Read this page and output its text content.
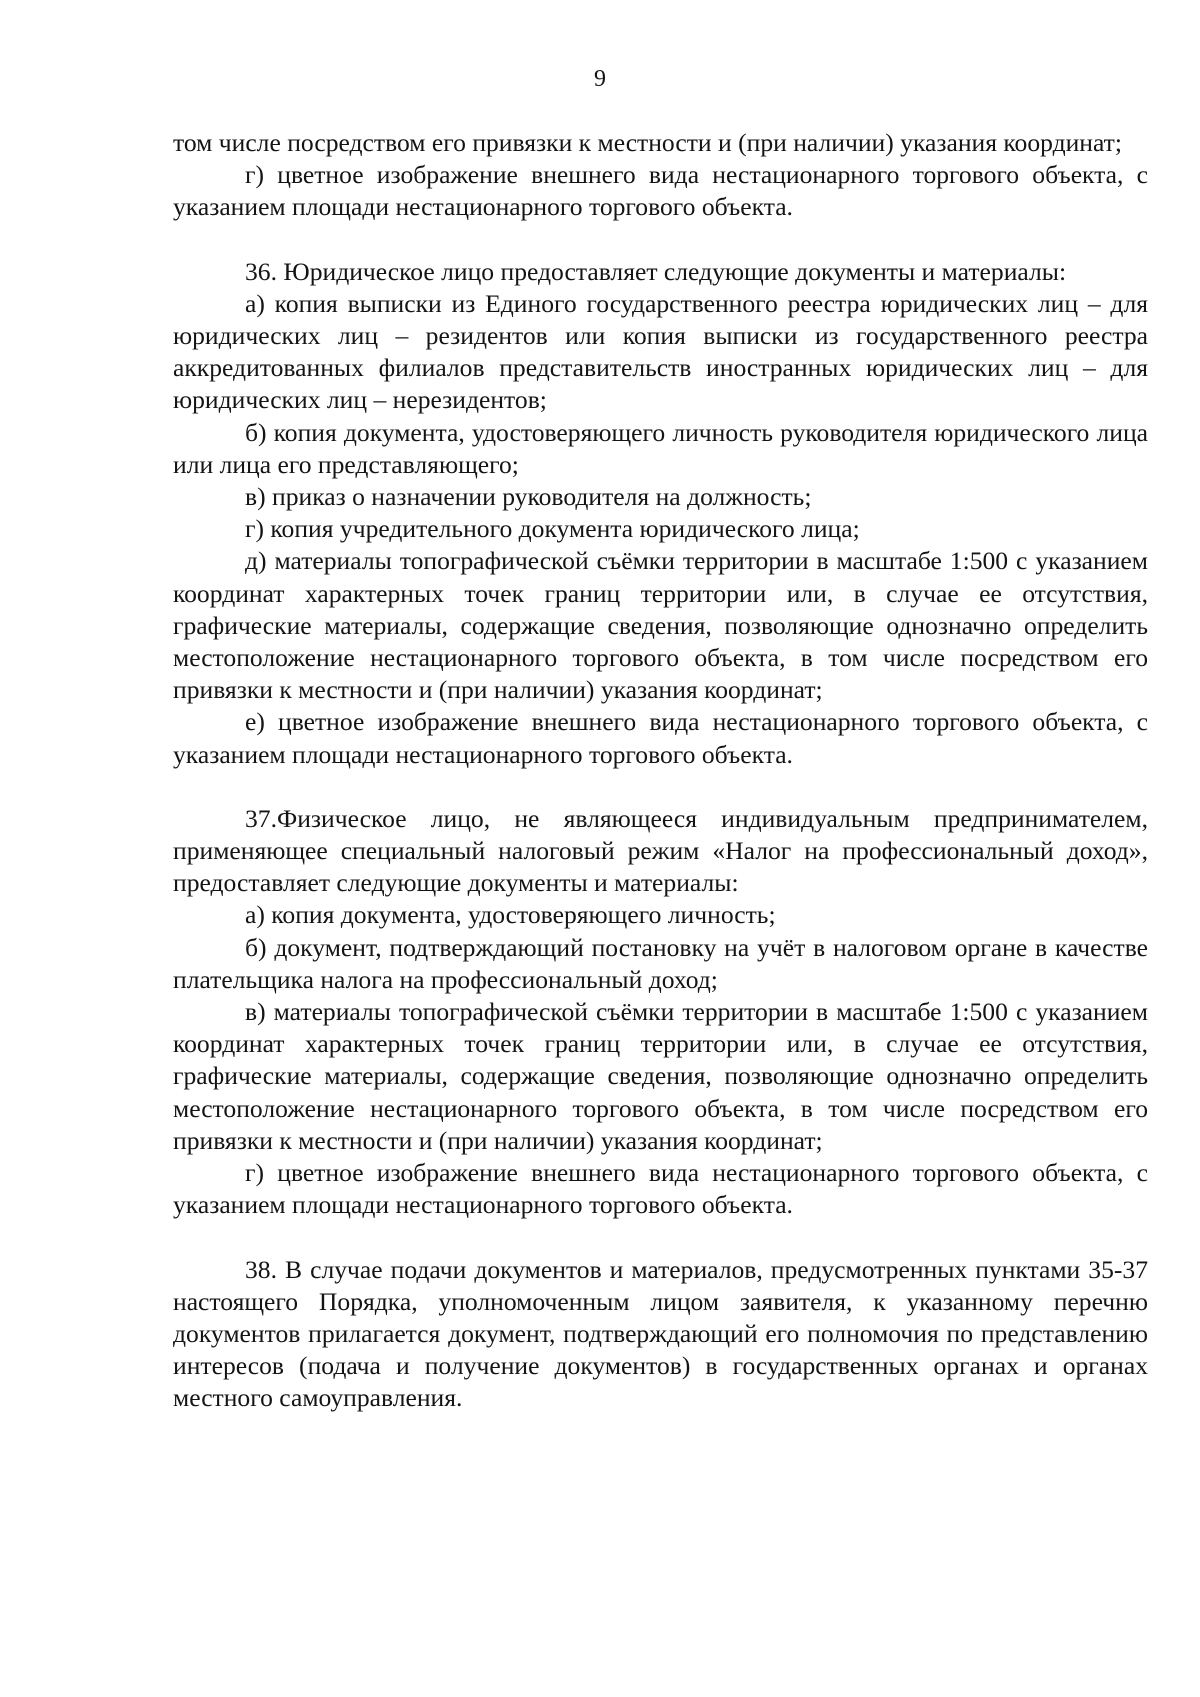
9

том числе посредством его привязки к местности и (при наличии) указания координат;

г) цветное изображение внешнего вида нестационарного торгового объекта, с указанием площади нестационарного торгового объекта.

36. Юридическое лицо предоставляет следующие документы и материалы:

а) копия выписки из Единого государственного реестра юридических лиц – для юридических лиц – резидентов или копия выписки из государственного реестра аккредитованных филиалов представительств иностранных юридических лиц – для юридических лиц – нерезидентов;

б) копия документа, удостоверяющего личность руководителя юридического лица или лица его представляющего;

в) приказ о назначении руководителя на должность;

г) копия учредительного документа юридического лица;

д) материалы топографической съёмки территории в масштабе 1:500 с указанием координат характерных точек границ территории или, в случае ее отсутствия, графические материалы, содержащие сведения, позволяющие однозначно определить местоположение нестационарного торгового объекта, в том числе посредством его привязки к местности и (при наличии) указания координат;

е) цветное изображение внешнего вида нестационарного торгового объекта, с указанием площади нестационарного торгового объекта.

37.Физическое лицо, не являющееся индивидуальным предпринимателем, применяющее специальный налоговый режим «Налог на профессиональный доход», предоставляет следующие документы и материалы:

а) копия документа, удостоверяющего личность;

б) документ, подтверждающий постановку на учёт в налоговом органе в качестве плательщика налога на профессиональный доход;

в) материалы топографической съёмки территории в масштабе 1:500 с указанием координат характерных точек границ территории или, в случае ее отсутствия, графические материалы, содержащие сведения, позволяющие однозначно определить местоположение нестационарного торгового объекта, в том числе посредством его привязки к местности и (при наличии) указания координат;

г) цветное изображение внешнего вида нестационарного торгового объекта, с указанием площади нестационарного торгового объекта.

38. В случае подачи документов и материалов, предусмотренных пунктами 35-37 настоящего Порядка, уполномоченным лицом заявителя, к указанному перечню документов прилагается документ, подтверждающий его полномочия по представлению интересов (подача и получение документов) в государственных органах и органах местного самоуправления.
